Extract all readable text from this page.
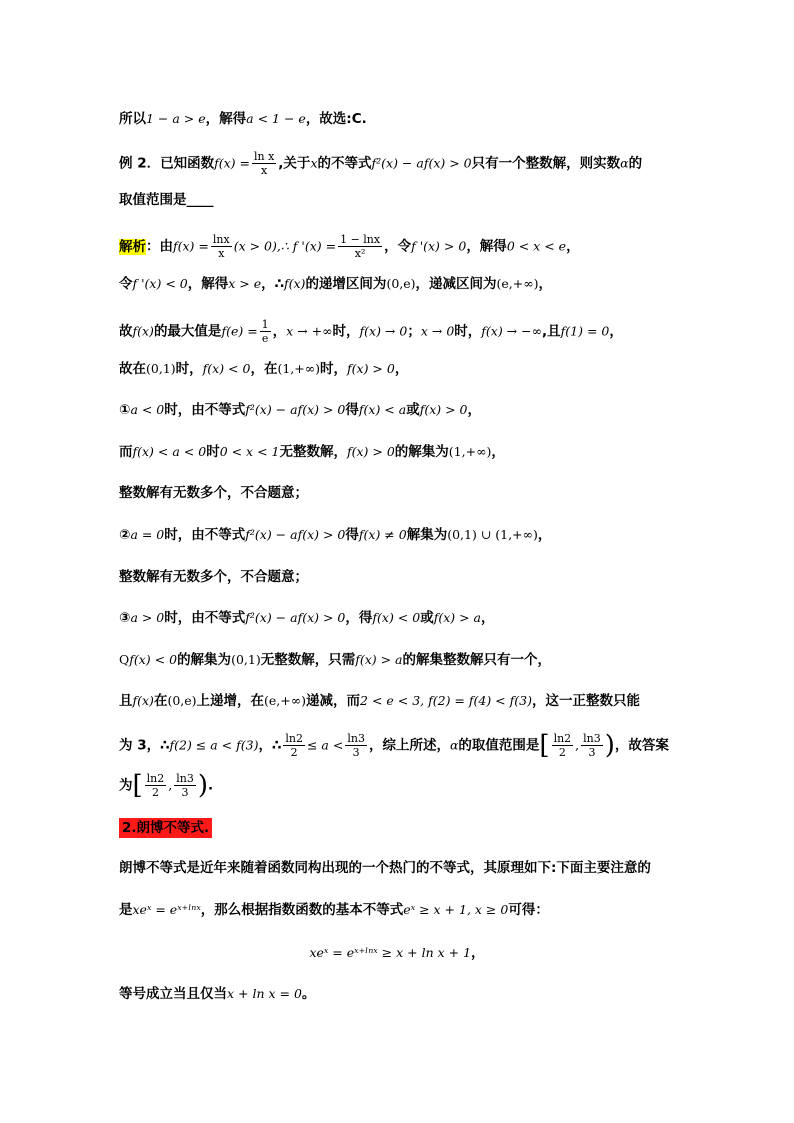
所以1 − a > e，解得a < 1 − e，故选:C.
例 2．已知函数$f(x) = \frac{\text{ln x}}{x}$ ,关于x的不等式f²(x) − af(x) > 0只有一个整数解，则实数α的
取值范围是____
解析：由$f(x) = \frac{\ln x}{x} (x$ > 0),∴ f '$(x) = \frac{1 - \ln x}{\text{x²}}$ ，令f '(x) > 0，解得0 < x < e，
令f '(x) < 0，解得x > e，∴f(x)的递增区间为(0,e)，递减区间为(e,+∞)，
故f(x)的最大值是$f(e) = \frac{1}{e}$ ，x → +∞时，f(x) → 0；x → 0时，f(x) → −∞,且f(1) = 0，
故在(0,1)时，f(x) < 0，在(1,+∞)时，f(x) > 0，
①a < 0时，由不等式f²(x) − af(x) > 0得f(x) < a或f(x) > 0，
而f(x) < a < 0时0 < x < 1无整数解，f(x) > 0的解集为(1,+∞)，
整数解有无数多个，不合题意；
②a = 0时，由不等式f²(x) − af(x) > 0得f(x) ≠ 0解集为(0,1) ∪ (1,+∞)，
整数解有无数多个，不合题意；
③a > 0时，由不等式f²(x) − af(x) > 0，得f(x) < 0或f(x) > a，
Qf(x) < 0的解集为(0,1)无整数解，只需f(x) > a的解集整数解只有一个，
且f(x)在(0,e)上递增，在(e,+∞)递减，而2 < e < 3, f(2) = f(4) < f(3)，这一正整数只能
为 3，∴f(2) ≤ a < f(3)，∴ $\frac{\ln 2}{2} \le a < \frac{\ln 3}{3}$ ，综上所述，α的取值范围是[ $\frac{\ln 2}{2}$ , $\frac{\ln 3}{3}$ )，故答案
为[ $\frac{\ln 2}{2}$ , $\frac{\ln 3}{3}$ ).
2.朗博不等式.
朗博不等式是近年来随着函数同构出现的一个热门的不等式，其原理如下:下面主要注意的
是xeˣ = eˣ⁺ˡⁿˣ，那么根据指数函数的基本不等式eˣ ≥ x + 1, x ≥ 0可得：
xeˣ = eˣ⁺ˡⁿˣ ≥ x + ln x + 1，
等号成立当且仅当x + ln x = 0。
